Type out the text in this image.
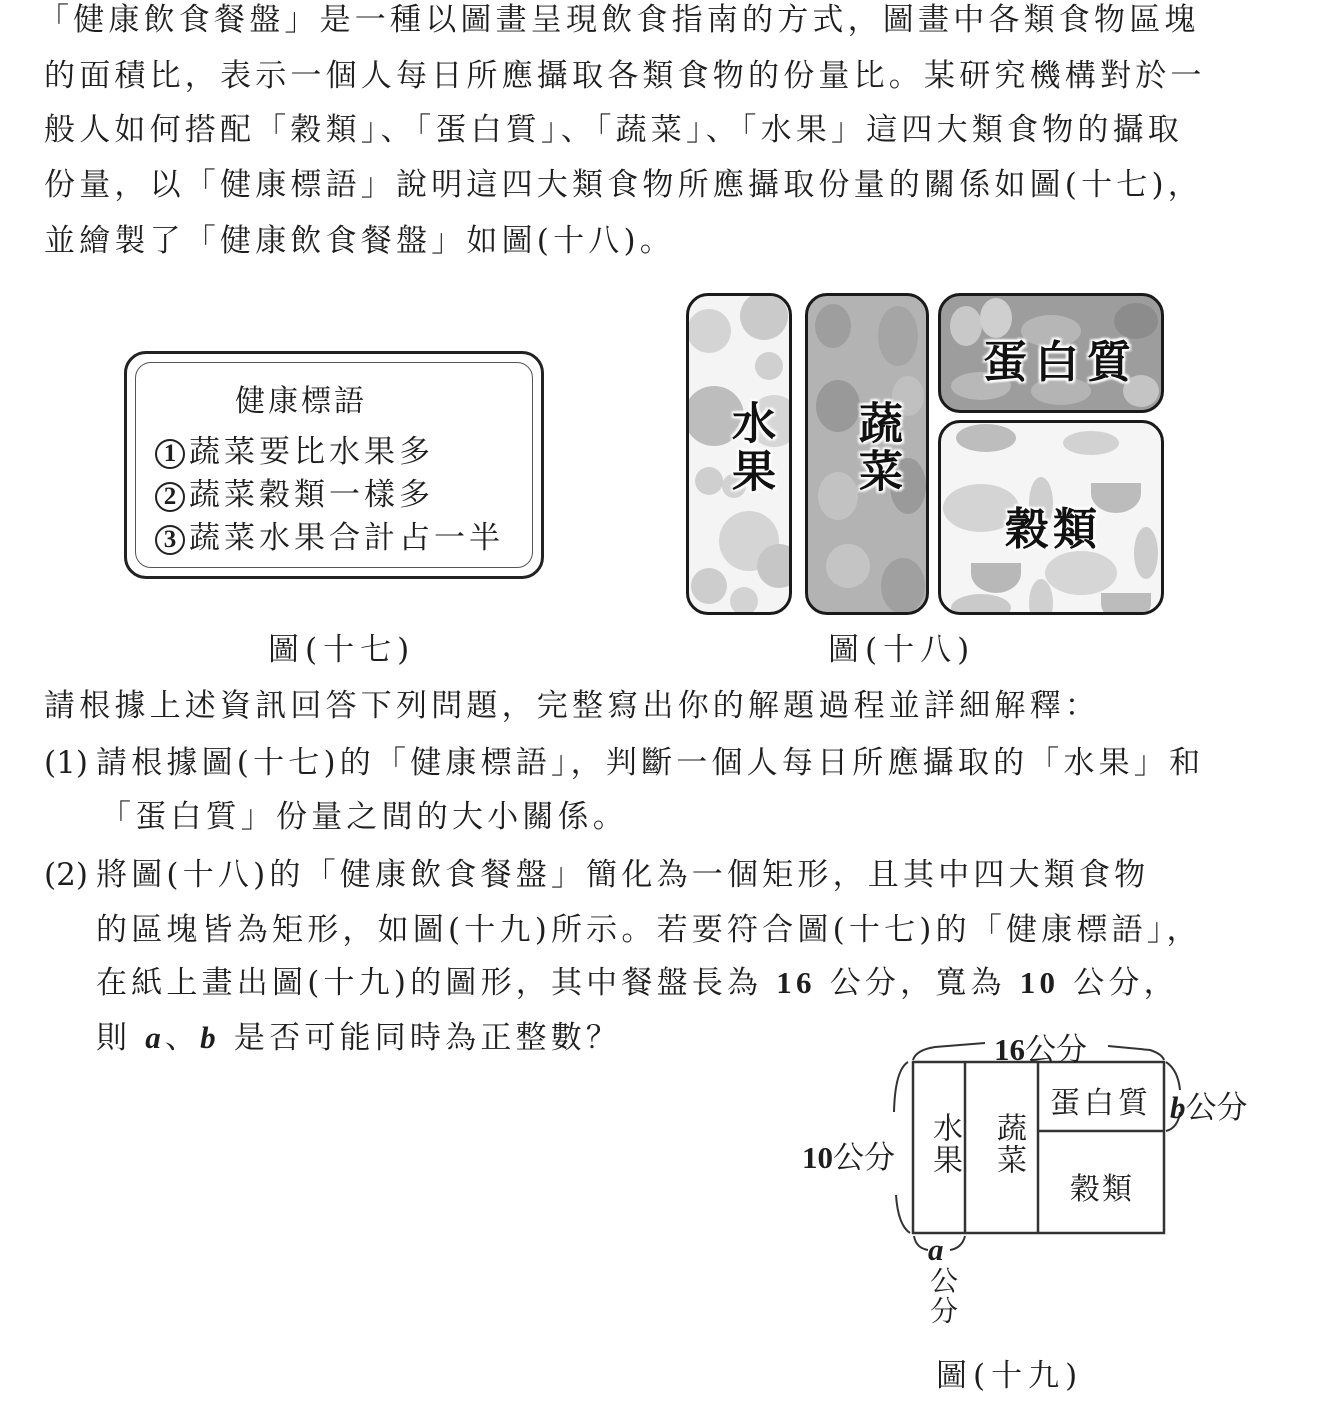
「健康飲食餐盤」是一種以圖畫呈現飲食指南的方式，圖畫中各類食物區塊
的面積比，表示一個人每日所應攝取各類食物的份量比。某研究機構對於一
般人如何搭配「穀類」、「蛋白質」、「蔬菜」、「水果」這四大類食物的攝取
份量，以「健康標語」說明這四大類食物所應攝取份量的關係如圖(十七)，
並繪製了「健康飲食餐盤」如圖(十八)。
健康標語
1 蔬菜要比水果多
2 蔬菜穀類一樣多
3 蔬菜水果合計占一半
圖(十七)
水果 蔬菜
蛋白質
穀類
圖(十八)
請根據上述資訊回答下列問題，完整寫出你的解題過程並詳細解釋：
(1) 請根據圖(十七)的「健康標語」，判斷一個人每日所應攝取的「水果」和
「蛋白質」份量之間的大小關係。
(2) 將圖(十八)的「健康飲食餐盤」簡化為一個矩形，且其中四大類食物
的區塊皆為矩形，如圖(十九)所示。若要符合圖(十七)的「健康標語」，
在紙上畫出圖(十九)的圖形，其中餐盤長為 16 公分，寬為 10 公分，
則 a、b 是否可能同時為正整數？	16公分
10公分
b公分
a
公分
水果 蔬菜
蛋白質
穀類
圖(十九)
